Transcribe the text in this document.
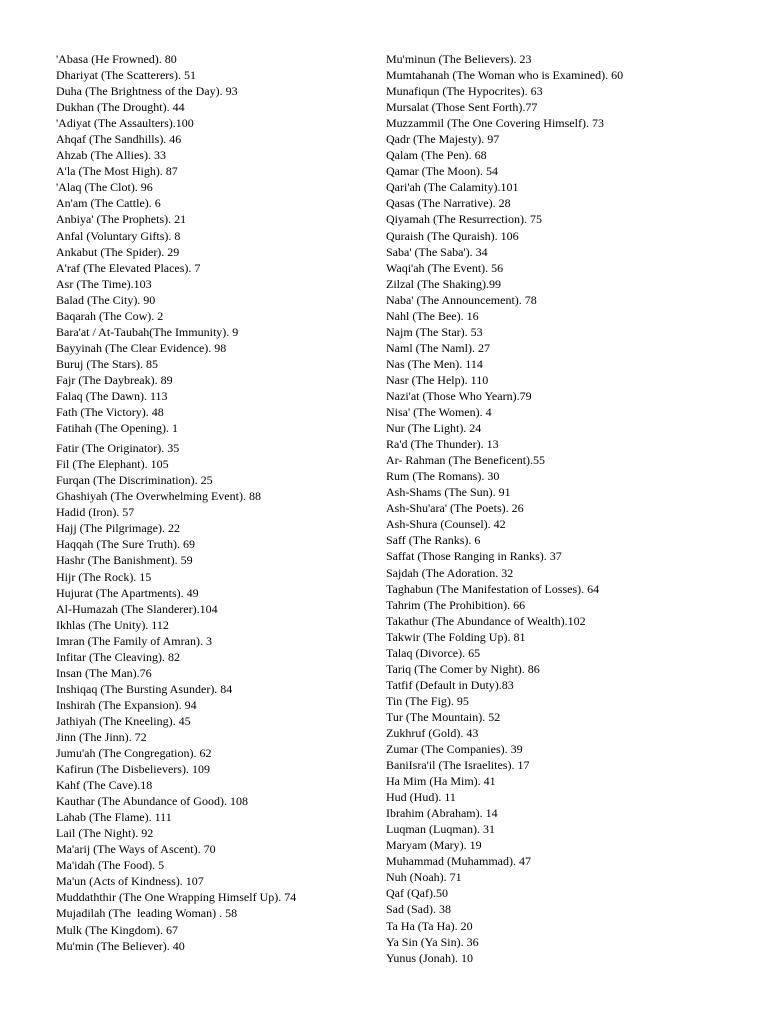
'Abasa (He Frowned). 80
Dhariyat (The Scatterers). 51
Duha (The Brightness of the Day). 93
Dukhan (The Drought). 44
'Adiyat (The Assaulters).100
Ahqaf (The Sandhills). 46
Ahzab (The Allies). 33
A'la (The Most High). 87
'Alaq (The Clot). 96
An'am (The Cattle). 6
Anbiya' (The Prophets). 21
Anfal (Voluntary Gifts). 8
Ankabut (The Spider). 29
A'raf (The Elevated Places). 7
Asr (The Time).103
Balad (The City). 90
Baqarah (The Cow). 2
Bara'at / At-Taubah(The Immunity). 9
Bayyinah (The Clear Evidence). 98
Buruj (The Stars). 85
Fajr (The Daybreak). 89
Falaq (The Dawn). 113
Fath (The Victory). 48
Fatihah (The Opening). 1
Fatir (The Originator). 35
Fil (The Elephant). 105
Furqan (The Discrimination). 25
Ghashiyah (The Overwhelming Event). 88
Hadid (Iron). 57
Hajj (The Pilgrimage). 22
Haqqah (The Sure Truth). 69
Hashr (The Banishment). 59
Hijr (The Rock). 15
Hujurat (The Apartments). 49
Al-Humazah (The Slanderer).104
Ikhlas (The Unity). 112
Imran (The Family of Amran). 3
Infitar (The Cleaving). 82
Insan (The Man).76
Inshiqaq (The Bursting Asunder). 84
Inshirah (The Expansion). 94
Jathiyah (The Kneeling). 45
Jinn (The Jinn). 72
Jumu'ah (The Congregation). 62
Kafirun (The Disbelievers). 109
Kahf (The Cave).18
Kauthar (The Abundance of Good). 108
Lahab (The Flame). 111
Lail (The Night). 92
Ma'arij (The Ways of Ascent). 70
Ma'idah (The Food). 5
Ma'un (Acts of Kindness). 107
Muddaththir (The One Wrapping Himself Up). 74
Mujadilah (The  leading Woman) . 58
Mulk (The Kingdom). 67
Mu'min (The Believer). 40
Mu'minun (The Believers). 23
Mumtahanah (The Woman who is Examined). 60
Munafiqun (The Hypocrites). 63
Mursalat (Those Sent Forth).77
Muzzammil (The One Covering Himself). 73
Qadr (The Majesty). 97
Qalam (The Pen). 68
Qamar (The Moon). 54
Qari'ah (The Calamity).101
Qasas (The Narrative). 28
Qiyamah (The Resurrection). 75
Quraish (The Quraish). 106
Saba' (The Saba'). 34
Waqi'ah (The Event). 56
Zilzal (The Shaking).99
Naba' (The Announcement). 78
Nahl (The Bee). 16
Najm (The Star). 53
Naml (The Naml). 27
Nas (The Men). 114
Nasr (The Help). 110
Nazi'at (Those Who Yearn).79
Nisa' (The Women). 4
Nur (The Light). 24
Ra'd (The Thunder). 13
Ar- Rahman (The Beneficent).55
Rum (The Romans). 30
Ash-Shams (The Sun). 91
Ash-Shu'ara' (The Poets). 26
Ash-Shura (Counsel). 42
Saff (The Ranks). 6
Saffat (Those Ranging in Ranks). 37
Sajdah (The Adoration. 32
Taghabun (The Manifestation of Losses). 64
Tahrim (The Prohibition). 66
Takathur (The Abundance of Wealth).102
Takwir (The Folding Up). 81
Talaq (Divorce). 65
Tariq (The Comer by Night). 86
Tatfif (Default in Duty).83
Tin (The Fig). 95
Tur (The Mountain). 52
Zukhruf (Gold). 43
Zumar (The Companies). 39
BaniIsra'il (The Israelites). 17
Ha Mim (Ha Mim). 41
Hud (Hud). 11
Ibrahim (Abraham). 14
Luqman (Luqman). 31
Maryam (Mary). 19
Muhammad (Muhammad). 47
Nuh (Noah). 71
Qaf (Qaf).50
Sad (Sad). 38
Ta Ha (Ta Ha). 20
Ya Sin (Ya Sin). 36
Yunus (Jonah). 10
